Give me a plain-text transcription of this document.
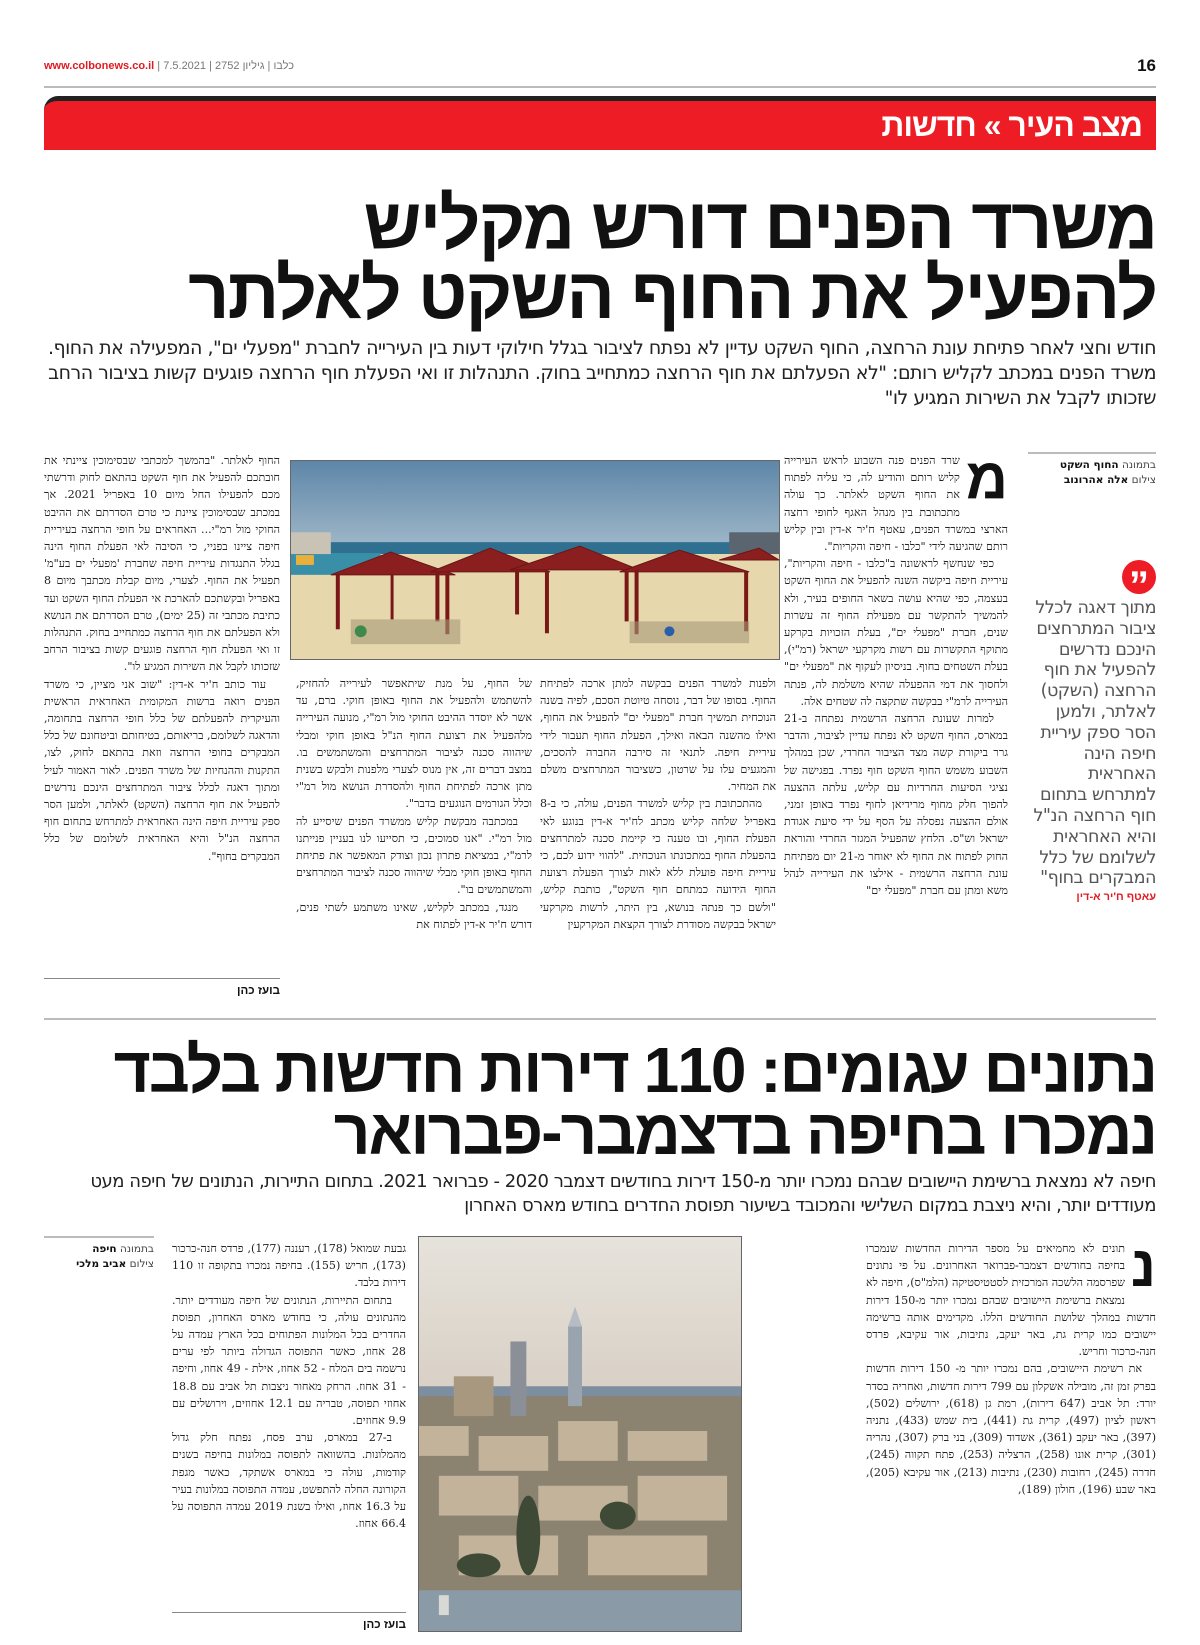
www.colbonews.co.il | כלבו | גיליון 2752 | 7.5.2021	16
מצב העיר » חדשות
משרד הפנים דורש מקליש
להפעיל את החוף השקט לאלתר
חודש וחצי לאחר פתיחת עונת הרחצה, החוף השקט עדיין לא נפתח לציבור בגלל חילוקי דעות בין העירייה לחברת "מפעלי ים", המפעילה את החוף. משרד הפנים במכתב לקליש רותם: "לא הפעלתם את חוף הרחצה כמתחייב בחוק. התנהלות זו ואי הפעלת חוף הרחצה פוגעים קשות בציבור הרחב שזכותו לקבל את השירות המגיע לו"
בתמונה החוף השקט
צילום אלה אהרונוב
”
מתוך דאגה לכלל ציבור המתרחצים הינכם נדרשים להפעיל את חוף הרחצה (השקט) לאלתר, ולמען הסר ספק עיריית חיפה הינה האחראית למתרחש בתחום חוף הרחצה הנ"ל והיא האחראית לשלומם של כלל המבקרים בחוף"
עאטף ח'יר א-דין
מ

שרד הפנים פנה השבוע לראש העירייה קליש רותם והודיע לה, כי עליה לפתוח את החוף השקט לאלתר. כך עולה מתכתובת בין מנהל האגף לחופי רחצה הארצי במשרד הפנים, עאטף ח'יר א-דין ובין קליש רותם שהגיעה לידי "כלבו - חיפה והקריות".

כפי שנחשף לראשונה ב"כלבו - חיפה והקריות", עיריית חיפה ביקשה השנה להפעיל את החוף השקט בעצמה, כפי שהיא עושה בשאר החופים בעיר, ולא להמשיך להתקשר עם מפעילת החוף זה עשרות שנים, חברת "מפעלי ים", בעלת הזכויות בקרקע מתוקף התקשרות עם רשות מקרקעי ישראל (רמ"י), בעלת השטחים בחוף. בניסיון לעקוף את "מפעלי ים" ולחסוך את דמי ההפעלה שהיא משלמת לה, פנתה העירייה לרמ"י בבקשה שתקצה לה שטחים אלה.

למרות שעונת הרחצה הרשמית נפתחה ב-21 במארס, החוף השקט לא נפתח עדיין לציבור, והדבר גרר ביקורת קשה מצד הציבור החרדי, שכן במהלך השבוע משמש החוף השקט חוף נפרד. בפגישה של נציגי הסיעות החרדיות עם קליש, עלתה ההצעה להפוך חלק מחוף מרידיאן לחוף נפרד באופן זמני, אולם ההצעה נפסלה על הסף על ידי סיעת אגודת ישראל וש"ס. הלחץ שהפעיל המגזר החרדי והוראת החוק לפתוח את החוף לא יאוחר מ-21 יום מפתיחת עונת הרחצה הרשמית - אילצו את העירייה לנהל משא ומתן עם חברת "מפעלי ים"

ולפנות למשרד הפנים בבקשה למתן ארכה לפתיחת החוף. בסופו של דבר, נוסחה טיוטת הסכם, לפיה בשנה הנוכחית תמשיך חברת "מפעלי ים" להפעיל את החוף, ואילו מהשנה הבאה ואילך, הפעלת החוף תעבור לידי עיריית חיפה. לתנאי זה סירבה החברה להסכים, והמגעים עלו על שרטון, כשציבור המתרחצים משלם את המחיר.

מהתכתובת בין קליש למשרד הפנים, עולה, כי ב-8 באפריל שלחה קליש מכתב לח'יר א-דין בנוגע לאי הפעלת החוף, ובו טענה כי קיימת סכנה למתרחצים בהפעלת החוף במתכונתו הנוכחית. "להווי ידוע לכם, כי עיריית חיפה פועלת ללא לאות לצורך הפעלת רצועת החוף הידועה כמתחם חוף השקט", כותבת קליש, "ולשם כך פנתה בנושא, בין היתר, לרשות מקרקעי ישראל בבקשה מסודרת לצורך הקצאת המקרקעין

של החוף, על מנת שיתאפשר לעירייה להחזיק, להשתמש ולהפעיל את החוף באופן חוקי. ברם, עד אשר לא יוסדר ההיבט החוקי מול רמ"י, מנועה העירייה מלהפעיל את רצועת החוף הנ"ל באופן חוקי ומבלי שיהווה סכנה לציבור המתרחצים והמשתמשים בו. במצב דברים זה, אין מנוס לצערי מלפנות ולבקש בשנית מתן ארכה לפתיחת החוף ולהסדרת הנושא מול רמ"י וכלל הגורמים הנוגעים בדבר".

במכתבה מבקשת קליש ממשרד הפנים שיסייע לה מול רמ"י. "אנו סמוכים, כי תסייעו לנו בעניין פנייתנו לרמ"י, במציאת פתרון נכון וצודק המאפשר את פתיחת החוף באופן חוקי מבלי שיהווה סכנה לציבור המתרחצים והמשתמשים בו".

מנגד, במכתב לקליש, שאינו משתמע לשתי פנים, דורש ח'יר א-דין לפתוח את

החוף לאלתר. "בהמשך למכתבי שבסימוכין ציינתי את חובתכם להפעיל את חוף השקט בהתאם לחוק ודרשתי מכם להפעילו החל מיום 10 באפריל 2021. אך במכתב שבסימוכין ציינת כי טרם הסדרתם את ההיבט החוקי מול רמ"י... האחראים על חופי הרחצה בעיריית חיפה ציינו בפניי, כי הסיבה לאי הפעלת החוף הינה בגלל התנגדות עיריית חיפה שחברת 'מפעלי ים בע"מ' תפעיל את החוף. לצערי, מיום קבלת מכתבך מיום 8 באפריל ובקשתכם להארכת אי הפעלת החוף השקט ועד כתיבת מכתבי זה (25 ימים), טרם הסדרתם את הנושא ולא הפעלתם את חוף הרחצה כמתחייב בחוק. התנהלות זו ואי הפעלת חוף הרחצה פוגעים קשות בציבור הרחב שזכותו לקבל את השירות המגיע לו".

עוד כותב ח'יר א-דין: "שוב אני מציין, כי משרד הפנים רואה ברשות המקומית האחראית הראשית והעיקרית להפעלתם של כלל חופי הרחצה בתחומה, והדאגה לשלומם, בריאותם, בטיחותם וביטחונם של כלל המבקרים בחופי הרחצה וזאת בהתאם לחוק, לצו, התקנות וההנחיות של משרד הפנים. לאור האמור לעיל ומתוך דאגה לכלל ציבור המתרחצים הינכם נדרשים להפעיל את חוף הרחצה (השקט) לאלתר, ולמען הסר ספק עיריית חיפה הינה האחראית למתרחש בתחום חוף הרחצה הנ"ל והיא האחראית לשלומם של כלל המבקרים בחוף".

בועז כהן
נתונים עגומים: 110 דירות חדשות בלבד
נמכרו בחיפה בדצמבר-פברואר
חיפה לא נמצאת ברשימת היישובים שבהם נמכרו יותר מ-150 דירות בחודשים דצמבר 2020 - פברואר 2021. בתחום התיירות, הנתונים של חיפה מעט מעודדים יותר, והיא ניצבת במקום השלישי והמכובד בשיעור תפוסת החדרים בחודש מארס האחרון
נ

תונים לא מחמיאים על מספר הדירות החדשות שנמכרו בחיפה בחודשים דצמבר-פברואר האחרונים. על פי נתונים שפרסמה הלשכה המרכזית לסטטיסטיקה (הלמ"ס), חיפה לא נמצאת ברשימת היישובים שבהם נמכרו יותר מ-150 דירות חדשות במהלך שלושת החודשים הללו. מקדימים אותה ברשימה יישובים כמו קרית גת, באר יעקב, נתיבות, אור עקיבא, פרדס חנה-כרכור וחריש.

את רשימת היישובים, בהם נמכרו יותר מ- 150 דירות חדשות בפרק זמן זה, מובילה אשקלון עם 799 דירות חדשות, ואחריה בסדר יורד: תל אביב (647 דירות), רמת גן (618), ירושלים (502), ראשון לציון (497), קרית גת (441), בית שמש (433), נתניה (397), באר יעקב (361), אשדוד (309), בני ברק (307), נהריה (301), קרית אונו (258), הרצליה (253), פתח תקווה (245), חדרה (245), רחובות (230), נתיבות (213), אור עקיבא (205), באר שבע (196), חולון (189),

גבעת שמואל (178), רעננה (177), פרדס חנה-כרכור (173), חריש (155). בחיפה נמכרו בתקופה זו 110 דירות בלבד.

בתחום התיירות, הנתונים של חיפה מעודדים יותר. מהנתונים עולה, כי בחודש מארס האחרון, תפוסת החדרים בכל המלונות הפתוחים בכל הארץ עמדה על 28 אחוז, כאשר התפוסה הגדולה ביותר לפי ערים נרשמה בים המלח - 52 אחוז, אילת - 49 אחוז, וחיפה - 31 אחוז. הרחק מאחור ניצבות תל אביב עם 18.8 אחוזי תפוסה, טבריה עם 12.1 אחוזים, וירושלים עם 9.9 אחוזים.

ב-27 במארס, ערב פסח, נפתח חלק גדול מהמלונות. בהשוואה לתפוסה במלונות בחיפה בשנים קודמות, עולה כי במארס אשתקד, כאשר מגפת הקורונה החלה להתפשט, עמדה התפוסה במלונות בעיר על 16.3 אחוז, ואילו בשנת 2019 עמדה התפוסה על 66.4 אחוז.

בועז כהן
בתמונה חיפה
צילום אביב מלכי
